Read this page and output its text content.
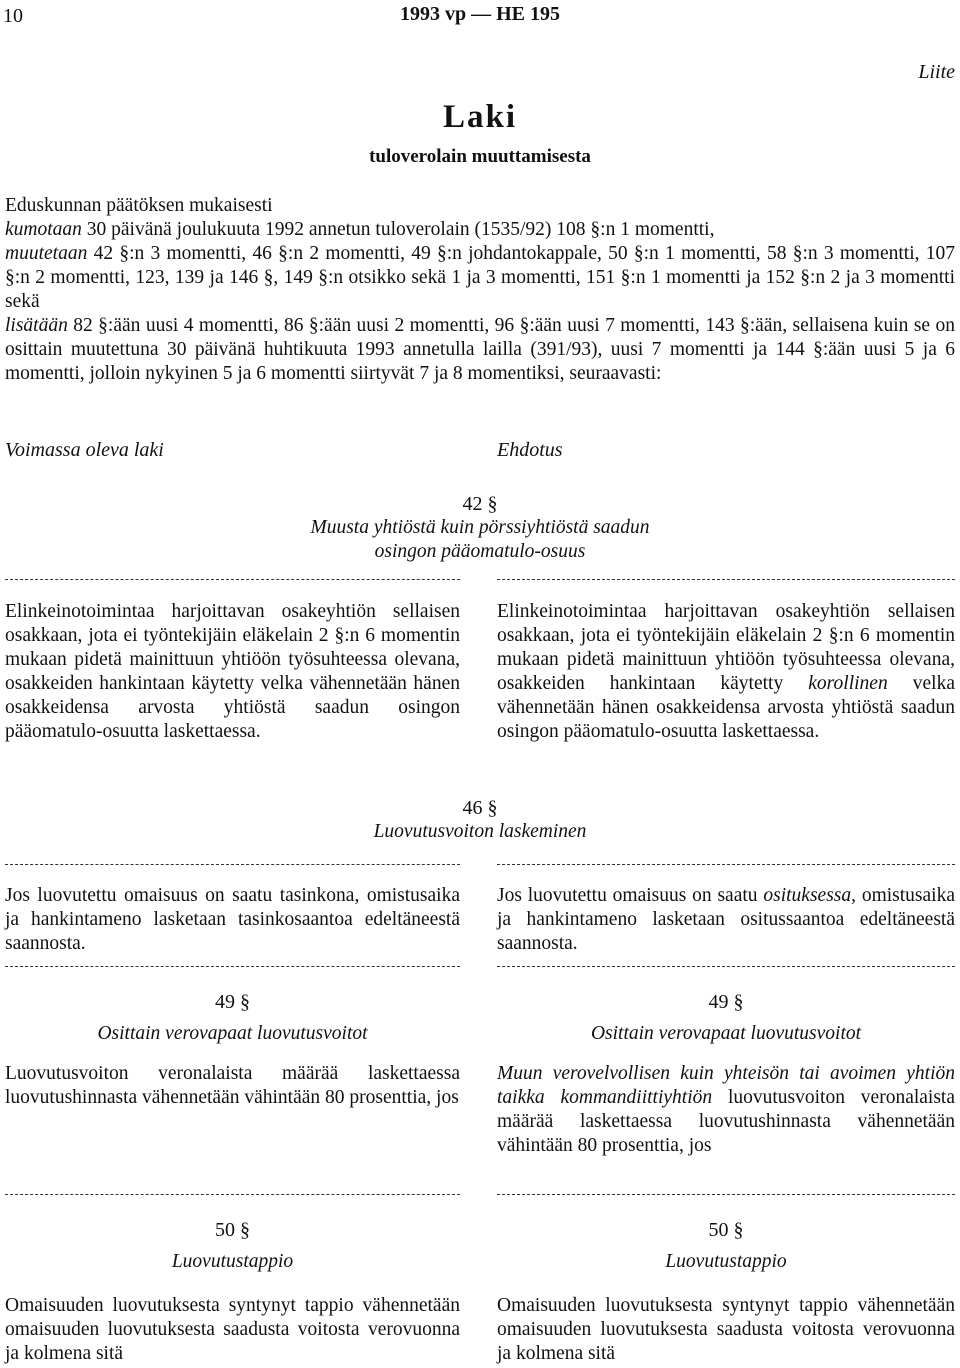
10	1993 vp — HE 195
Liite
Laki
tuloverolain muuttamisesta

Eduskunnan päätöksen mukaisesti

kumotaan 30 päivänä joulukuuta 1992 annetun tuloverolain (1535/92) 108 §:n 1 momentti,

muutetaan 42 §:n 3 momentti, 46 §:n 2 momentti, 49 §:n johdantokappale, 50 §:n 1 momentti, 58 §:n 3 momentti, 107 §:n 2 momentti, 123, 139 ja 146 §, 149 §:n otsikko sekä 1 ja 3 momentti, 151 §:n 1 momentti ja 152 §:n 2 ja 3 momentti sekä

lisätään 82 §:ään uusi 4 momentti, 86 §:ään uusi 2 momentti, 96 §:ään uusi 7 momentti, 143 §:ään, sellaisena kuin se on osittain muutettuna 30 päivänä huhtikuuta 1993 annetulla lailla (391/93), uusi 7 momentti ja 144 §:ään uusi 5 ja 6 momentti, jolloin nykyinen 5 ja 6 momentti siirtyvät 7 ja 8 momentiksi, seuraavasti:

Voimassa oleva laki	Ehdotus
42 §
Muusta yhtiöstä kuin pörssiyhtiöstä saadun
osingon pääomatulo-osuus

Elinkeinotoimintaa harjoittavan osakeyhtiön sellaisen osakkaan, jota ei työntekijäin eläkelain 2 §:n 6 momentin mukaan pidetä mainittuun yhtiöön työsuhteessa olevana, osakkeiden hankintaan käytetty velka vähennetään hänen osakkeidensa arvosta yhtiöstä saadun osingon pääomatulo-osuutta laskettaessa.

Elinkeinotoimintaa harjoittavan osakeyhtiön sellaisen osakkaan, jota ei työntekijäin eläkelain 2 §:n 6 momentin mukaan pidetä mainittuun yhtiöön työsuhteessa olevana, osakkeiden hankintaan käytetty korollinen velka vähennetään hänen osakkeidensa arvosta yhtiöstä saadun osingon pääomatulo-osuutta laskettaessa.

46 §
Luovutusvoiton laskeminen

Jos luovutettu omaisuus on saatu tasinkona, omistusaika ja hankintameno lasketaan tasinkosaantoa edeltäneestä saannosta.

Jos luovutettu omaisuus on saatu osituksessa, omistusaika ja hankintameno lasketaan ositussaantoa edeltäneestä saannosta.

49 §
Osittain verovapaat luovutusvoitot
49 §
Osittain verovapaat luovutusvoitot

Luovutusvoiton veronalaista määrää laskettaessa luovutushinnasta vähennetään vähintään 80 prosenttia, jos

Muun verovelvollisen kuin yhteisön tai avoimen yhtiön taikka kommandiittiyhtiön luovutusvoiton veronalaista määrää laskettaessa luovutushinnasta vähennetään vähintään 80 prosenttia, jos

50 §
Luovutustappio
50 §
Luovutustappio

Omaisuuden luovutuksesta syntynyt tappio vähennetään omaisuuden luovutuksesta saadusta voitosta verovuonna ja kolmena sitä

Omaisuuden luovutuksesta syntynyt tappio vähennetään omaisuuden luovutuksesta saadusta voitosta verovuonna ja kolmena sitä
